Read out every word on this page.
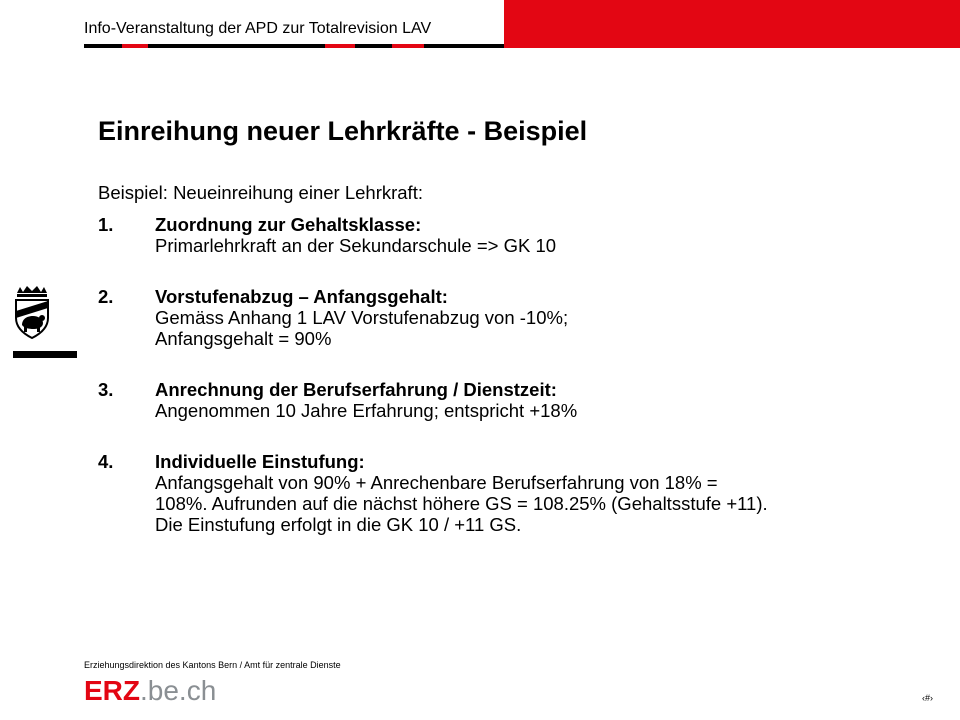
Info-Veranstaltung der APD zur Totalrevision LAV
Einreihung neuer Lehrkräfte - Beispiel
Beispiel: Neueinreihung einer Lehrkraft:
1. Zuordnung zur Gehaltsklasse:
Primarlehrkraft an der Sekundarschule => GK 10
2. Vorstufenabzug – Anfangsgehalt:
Gemäss Anhang 1 LAV Vorstufenabzug von -10%;
Anfangsgehalt = 90%
3. Anrechnung der Berufserfahrung / Dienstzeit:
Angenommen 10 Jahre Erfahrung; entspricht +18%
4. Individuelle Einstufung:
Anfangsgehalt von 90% + Anrechenbare Berufserfahrung von 18% =
108%. Aufrunden auf die nächst höhere GS = 108.25% (Gehaltsstufe +11).
Die Einstufung erfolgt in die GK 10 / +11 GS.
Erziehungsdirektion des Kantons Bern / Amt für zentrale Dienste
ERZ.be.ch	‹#›
